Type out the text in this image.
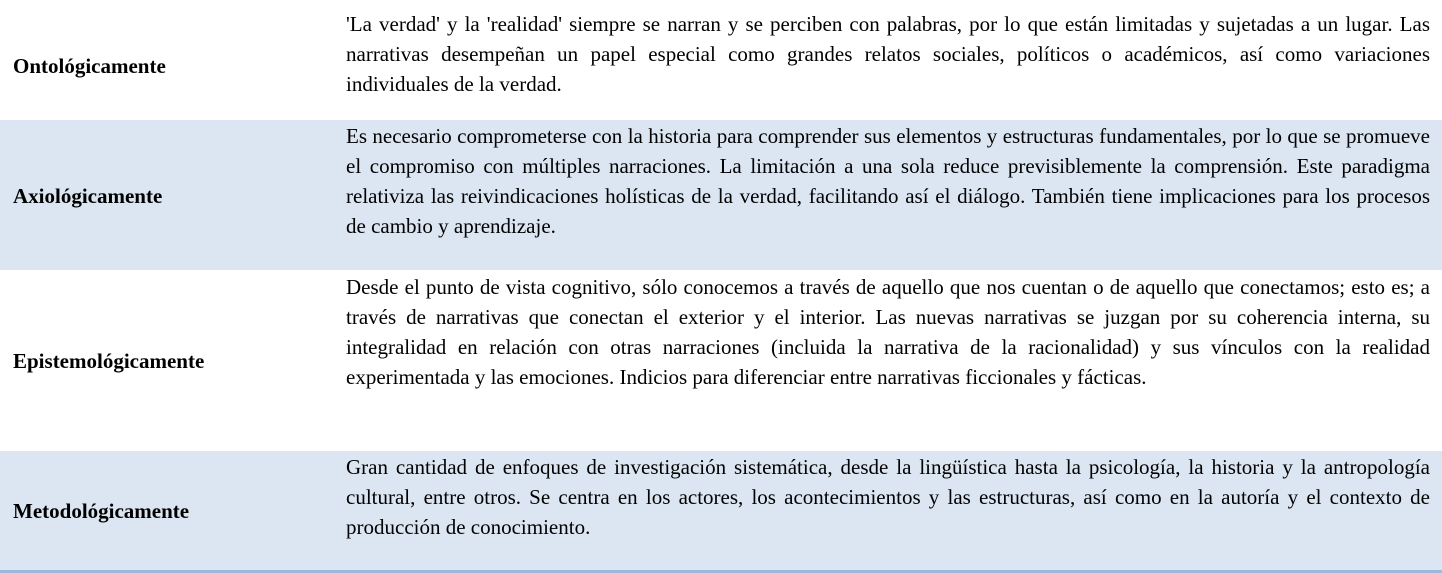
Ontológicamente
'La verdad' y la 'realidad' siempre se narran y se perciben con palabras, por lo que están limitadas y sujetadas a un lugar. Las narrativas desempeñan un papel especial como grandes relatos sociales, políticos o académicos, así como variaciones individuales de la verdad.
Axiológicamente
Es necesario comprometerse con la historia para comprender sus elementos y estructuras fundamentales, por lo que se promueve el compromiso con múltiples narraciones. La limitación a una sola reduce previsiblemente la comprensión. Este paradigma relativiza las reivindicaciones holísticas de la verdad, facilitando así el diálogo. También tiene implicaciones para los procesos de cambio y aprendizaje.
Epistemológicamente
Desde el punto de vista cognitivo, sólo conocemos a través de aquello que nos cuentan o de aquello que conectamos; esto es; a través de narrativas que conectan el exterior y el interior. Las nuevas narrativas se juzgan por su coherencia interna, su integralidad en relación con otras narraciones (incluida la narrativa de la racionalidad) y sus vínculos con la realidad experimentada y las emociones. Indicios para diferenciar entre narrativas ficcionales y fácticas.
Metodológicamente
Gran cantidad de enfoques de investigación sistemática, desde la lingüística hasta la psicología, la historia y la antropología cultural, entre otros. Se centra en los actores, los acontecimientos y las estructuras, así como en la autoría y el contexto de producción de conocimiento.
